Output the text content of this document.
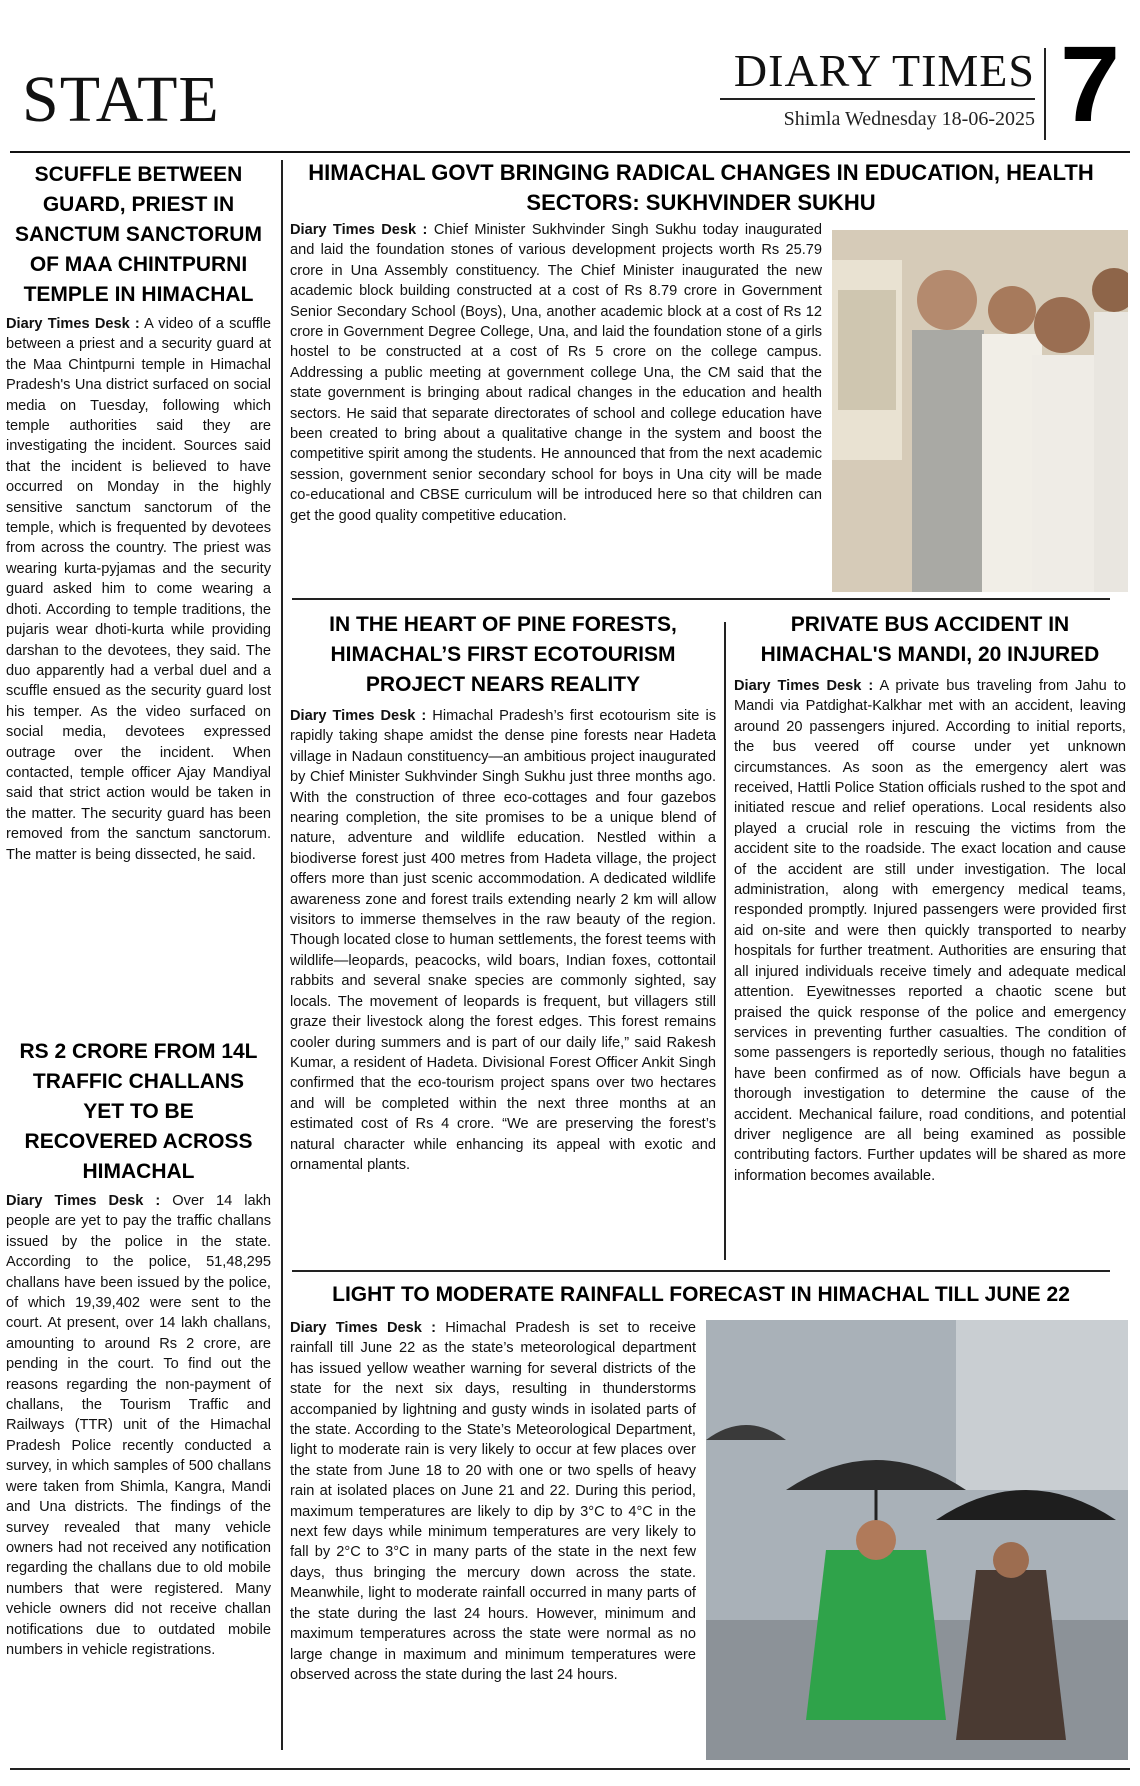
STATE	DIARY TIMES
Shimla Wednesday 18-06-2025 7
SCUFFLE BETWEEN GUARD, PRIEST IN SANCTUM SANCTORUM OF MAA CHINTPURNI TEMPLE IN HIMACHAL

Diary Times Desk : A video of a scuffle between a priest and a security guard at the Maa Chintpurni temple in Himachal Pradesh's Una district surfaced on social media on Tuesday, following which temple authorities said they are investigating the incident. Sources said that the incident is believed to have occurred on Monday in the highly sensitive sanctum sanctorum of the temple, which is frequented by devotees from across the country. The priest was wearing kurta-pyjamas and the security guard asked him to come wearing a dhoti. According to temple traditions, the pujaris wear dhoti-kurta while providing darshan to the devotees, they said. The duo apparently had a verbal duel and a scuffle ensued as the security guard lost his temper. As the video surfaced on social media, devotees expressed outrage over the incident. When contacted, temple officer Ajay Mandiyal said that strict action would be taken in the matter. The security guard has been removed from the sanctum sanctorum. The matter is being dissected, he said.

RS 2 CRORE FROM 14L TRAFFIC CHALLANS YET TO BE RECOVERED ACROSS HIMACHAL

Diary Times Desk : Over 14 lakh people are yet to pay the traffic challans issued by the police in the state. According to the police, 51,48,295 challans have been issued by the police, of which 19,39,402 were sent to the court. At present, over 14 lakh challans, amounting to around Rs 2 crore, are pending in the court. To find out the reasons regarding the non-payment of challans, the Tourism Traffic and Railways (TTR) unit of the Himachal Pradesh Police recently conducted a survey, in which samples of 500 challans were taken from Shimla, Kangra, Mandi and Una districts. The findings of the survey revealed that many vehicle owners had not received any notification regarding the challans due to old mobile numbers that were registered. Many vehicle owners did not receive challan notifications due to outdated mobile numbers in vehicle registrations.

HIMACHAL GOVT BRINGING RADICAL CHANGES IN EDUCATION, HEALTH SECTORS: SUKHVINDER SUKHU

Diary Times Desk : Chief Minister Sukhvinder Singh Sukhu today inaugurated and laid the foundation stones of various development projects worth Rs 25.79 crore in Una Assembly constituency. The Chief Minister inaugurated the new academic block building constructed at a cost of Rs 8.79 crore in Government Senior Secondary School (Boys), Una, another academic block at a cost of Rs 12 crore in Government Degree College, Una, and laid the foundation stone of a girls hostel to be constructed at a cost of Rs 5 crore on the college campus. Addressing a public meeting at government college Una, the CM said that the state government is bringing about radical changes in the education and health sectors. He said that separate directorates of school and college education have been created to bring about a qualitative change in the system and boost the competitive spirit among the students. He announced that from the next academic session, government senior secondary school for boys in Una city will be made co-educational and CBSE curriculum will be introduced here so that children can get the good quality competitive education.

IN THE HEART OF PINE FORESTS, HIMACHAL’S FIRST ECOTOURISM PROJECT NEARS REALITY

Diary Times Desk : Himachal Pradesh’s first ecotourism site is rapidly taking shape amidst the dense pine forests near Hadeta village in Nadaun constituency—an ambitious project inaugurated by Chief Minister Sukhvinder Singh Sukhu just three months ago. With the construction of three eco-cottages and four gazebos nearing completion, the site promises to be a unique blend of nature, adventure and wildlife education. Nestled within a biodiverse forest just 400 metres from Hadeta village, the project offers more than just scenic accommodation. A dedicated wildlife awareness zone and forest trails extending nearly 2 km will allow visitors to immerse themselves in the raw beauty of the region. Though located close to human settlements, the forest teems with wildlife—leopards, peacocks, wild boars, Indian foxes, cottontail rabbits and several snake species are commonly sighted, say locals. The movement of leopards is frequent, but villagers still graze their livestock along the forest edges. This forest remains cooler during summers and is part of our daily life,” said Rakesh Kumar, a resident of Hadeta. Divisional Forest Officer Ankit Singh confirmed that the eco-tourism project spans over two hectares and will be completed within the next three months at an estimated cost of Rs 4 crore. “We are preserving the forest’s natural character while enhancing its appeal with exotic and ornamental plants.

PRIVATE BUS ACCIDENT IN HIMACHAL'S MANDI, 20 INJURED

Diary Times Desk : A private bus traveling from Jahu to Mandi via Patdighat-Kalkhar met with an accident, leaving around 20 passengers injured. According to initial reports, the bus veered off course under yet unknown circumstances. As soon as the emergency alert was received, Hattli Police Station officials rushed to the spot and initiated rescue and relief operations. Local residents also played a crucial role in rescuing the victims from the accident site to the roadside. The exact location and cause of the accident are still under investigation. The local administration, along with emergency medical teams, responded promptly. Injured passengers were provided first aid on-site and were then quickly transported to nearby hospitals for further treatment. Authorities are ensuring that all injured individuals receive timely and adequate medical attention. Eyewitnesses reported a chaotic scene but praised the quick response of the police and emergency services in preventing further casualties. The condition of some passengers is reportedly serious, though no fatalities have been confirmed as of now. Officials have begun a thorough investigation to determine the cause of the accident. Mechanical failure, road conditions, and potential driver negligence are all being examined as possible contributing factors. Further updates will be shared as more information becomes available.

LIGHT TO MODERATE RAINFALL FORECAST IN HIMACHAL TILL JUNE 22

Diary Times Desk : Himachal Pradesh is set to receive rainfall till June 22 as the state’s meteorological department has issued yellow weather warning for several districts of the state for the next six days, resulting in thunderstorms accompanied by lightning and gusty winds in isolated parts of the state. According to the State’s Meteorological Department, light to moderate rain is very likely to occur at few places over the state from June 18 to 20 with one or two spells of heavy rain at isolated places on June 21 and 22. During this period, maximum temperatures are likely to dip by 3°C to 4°C in the next few days while minimum temperatures are very likely to fall by 2°C to 3°C in many parts of the state in the next few days, thus bringing the mercury down across the state. Meanwhile, light to moderate rainfall occurred in many parts of the state during the last 24 hours. However, minimum and maximum temperatures across the state were normal as no large change in maximum and minimum temperatures were observed across the state during the last 24 hours.
